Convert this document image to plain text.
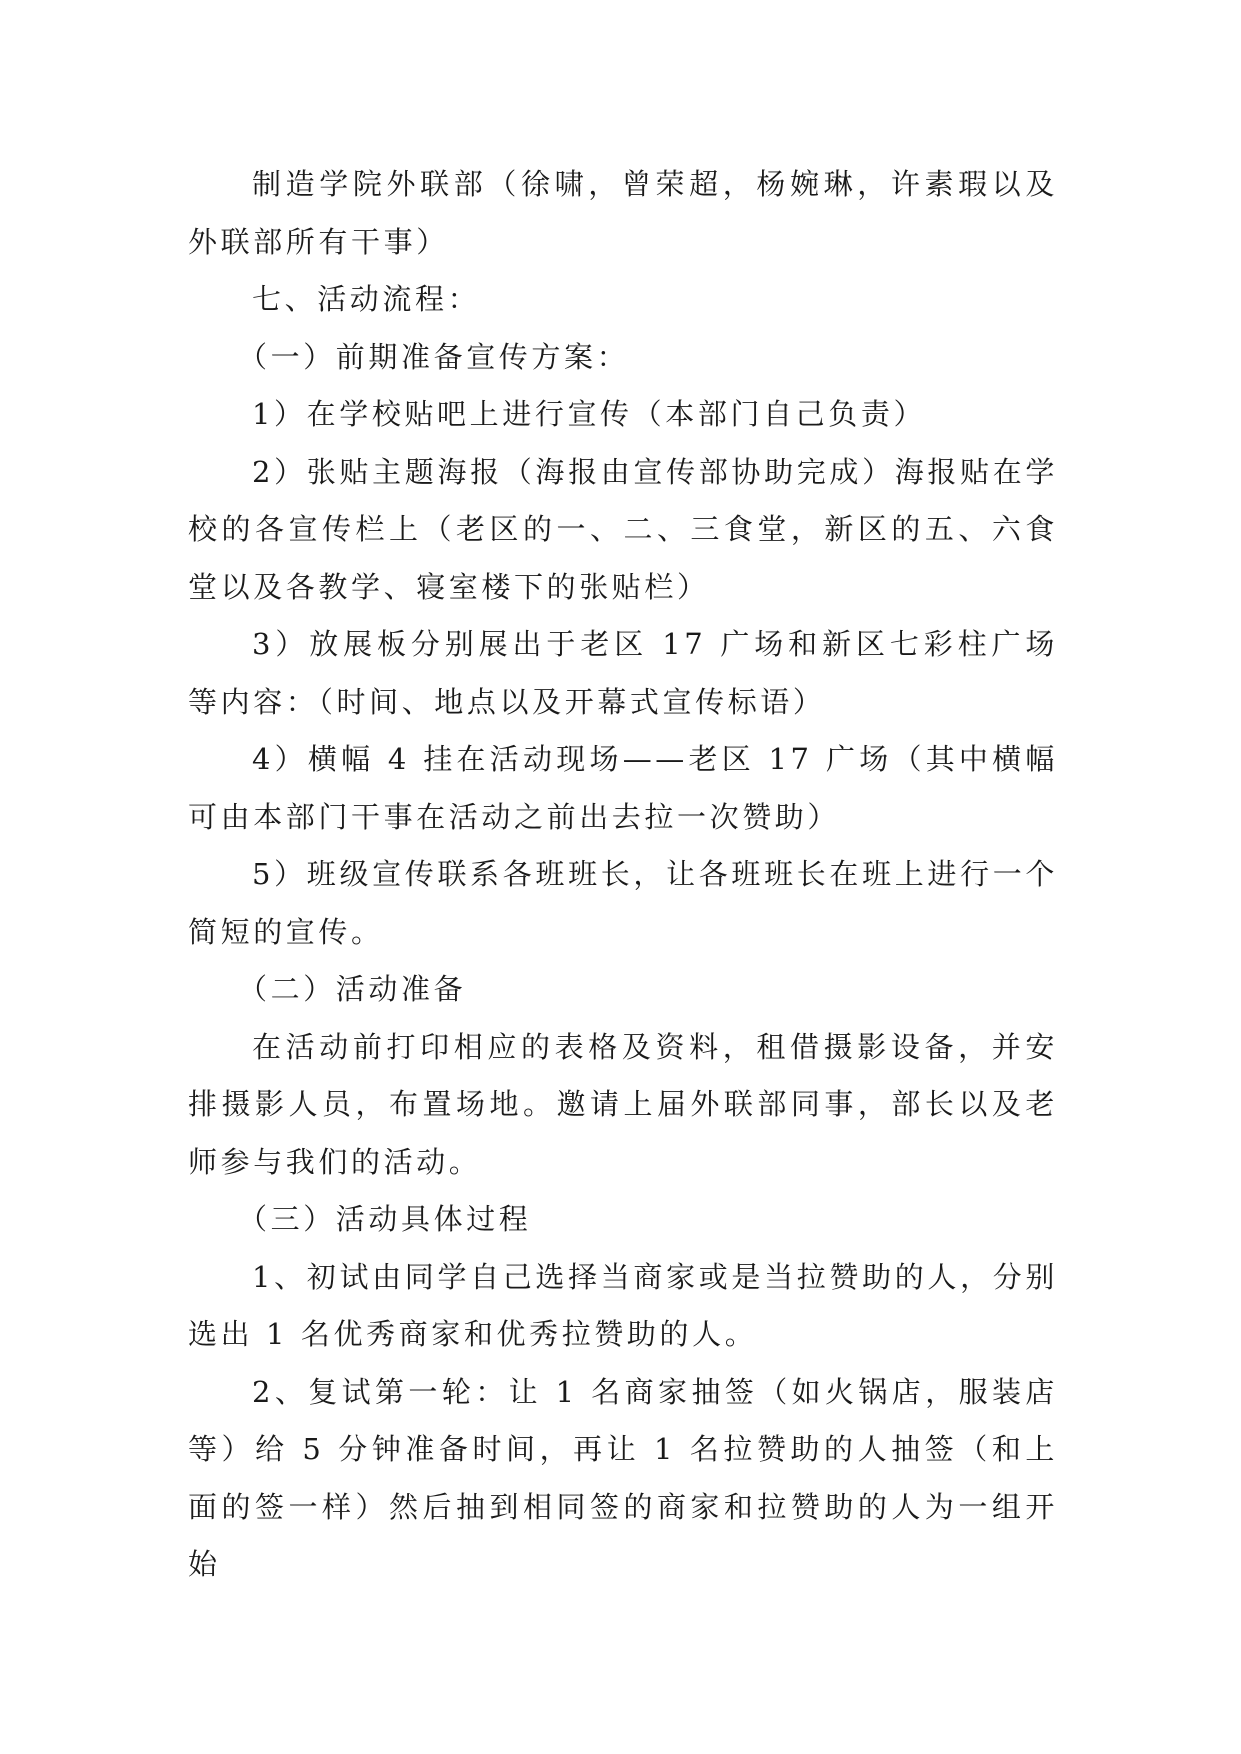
制造学院外联部（徐啸，曾荣超，杨婉琳，许素瑕以及外联部所有干事）

七、活动流程：

（一）前期准备宣传方案：

1）在学校贴吧上进行宣传（本部门自己负责）

2）张贴主题海报（海报由宣传部协助完成）海报贴在学校的各宣传栏上（老区的一、二、三食堂，新区的五、六食堂以及各教学、寝室楼下的张贴栏）

3）放展板分别展出于老区 17 广场和新区七彩柱广场等内容：（时间、地点以及开幕式宣传标语）

4）横幅 4 挂在活动现场——老区 17 广场（其中横幅可由本部门干事在活动之前出去拉一次赞助）

5）班级宣传联系各班班长，让各班班长在班上进行一个简短的宣传。

（二）活动准备

在活动前打印相应的表格及资料，租借摄影设备，并安排摄影人员，布置场地。邀请上届外联部同事，部长以及老师参与我们的活动。

（三）活动具体过程

1、初试由同学自己选择当商家或是当拉赞助的人，分别选出 1 名优秀商家和优秀拉赞助的人。

2、复试第一轮：让 1 名商家抽签（如火锅店，服装店等）给 5 分钟准备时间，再让 1 名拉赞助的人抽签（和上面的签一样）然后抽到相同签的商家和拉赞助的人为一组开始
